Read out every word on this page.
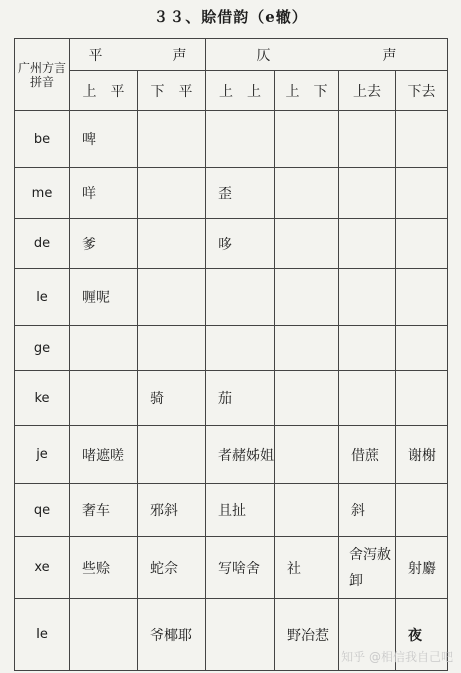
３３、賒借韵（e辙）
广州方言拼音	平　　　　　声		仄　　　　　　　　声			
	上　平	下　平	上　上	上　下	上去	下去
be	啤					
me	咩		歪			
de	爹		哆			
le	喱呢					
ge						
ke		骑	茄			
je	啫遮嗟		者赭姊姐		借蔗	谢榭
qe	奢车	邪斜	且扯		斜	
xe	些赊	蛇佘	写啥舍	社	舍泻赦卸	射麝
Ie		爷椰耶		野冶惹		夜
知乎 @相信我自己吧
